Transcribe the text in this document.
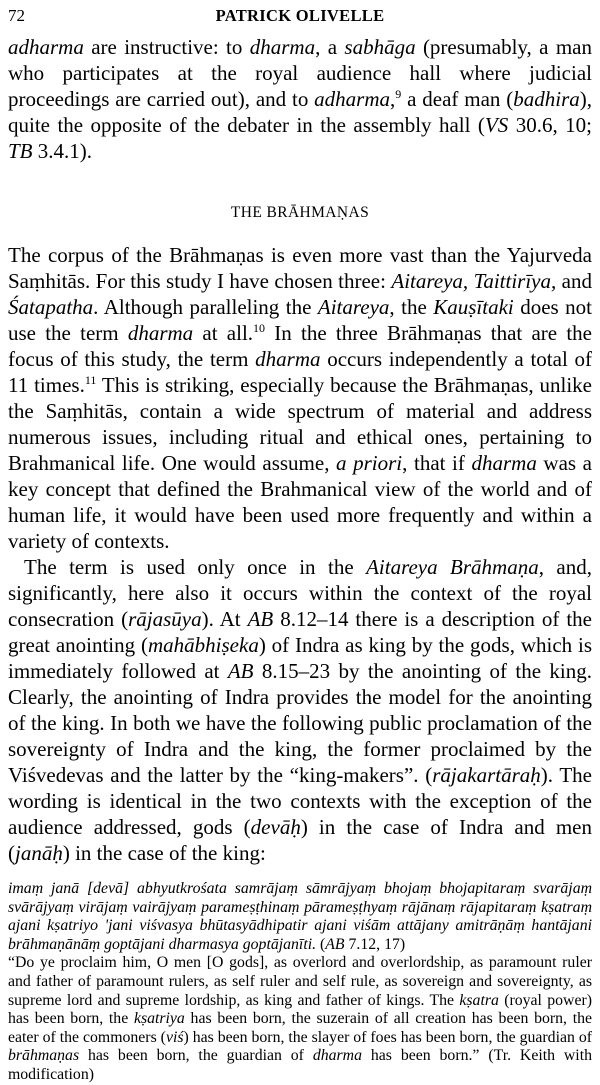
72	PATRICK OLIVELLE

adharma are instructive: to dharma, a sabhāga (presumably, a man who participates at the royal audience hall where judicial proceedings are carried out), and to adharma,$^9$ a deaf man (badhira), quite the opposite of the debater in the assembly hall (VS 30.6, 10; TB 3.4.1).

THE BRĀHMAṆAS

The corpus of the Brāhmaṇas is even more vast than the Yajurveda Saṃhitās. For this study I have chosen three: Aitareya, Taittirīya, and Śatapatha. Although paralleling the Aitareya, the Kauṣītaki does not use the term dharma at all.$^{10}$ In the three Brāhmaṇas that are the focus of this study, the term dharma occurs independently a total of 11 times.$^{11}$ This is striking, especially because the Brāhmaṇas, unlike the Saṃhitās, contain a wide spectrum of material and address numerous issues, including ritual and ethical ones, pertaining to Brahmanical life. One would assume, a priori, that if dharma was a key concept that defined the Brahmanical view of the world and of human life, it would have been used more frequently and within a variety of contexts.

The term is used only once in the Aitareya Brāhmaṇa, and, significantly, here also it occurs within the context of the royal consecration (rājasūya). At AB 8.12–14 there is a description of the great anointing (mahābhiṣeka) of Indra as king by the gods, which is immediately followed at AB 8.15–23 by the anointing of the king. Clearly, the anointing of Indra provides the model for the anointing of the king. In both we have the following public proclamation of the sovereignty of Indra and the king, the former proclaimed by the Viśvedevas and the latter by the “king-makers”. (rājakartāraḥ). The wording is identical in the two contexts with the exception of the audience addressed, gods (devāḥ) in the case of Indra and men (janāḥ) in the case of the king:

imaṃ janā [devā] abhyutkrośata samrājaṃ sāmrājyaṃ bhojaṃ bhojapitaraṃ svarājaṃ svārājyaṃ virājaṃ vairājyaṃ parameṣṭhinaṃ pārameṣṭhyaṃ rājānaṃ rājapitaraṃ kṣatraṃ ajani kṣatriyo 'jani viśvasya bhūtasyādhipatir ajani viśām attājany amitrāṇāṃ hantājani brāhmaṇānāṃ goptājani dharmasya goptājanīti. (AB 7.12, 17)

“Do ye proclaim him, O men [O gods], as overlord and overlordship, as paramount ruler and father of paramount rulers, as self ruler and self rule, as sovereign and sovereignty, as supreme lord and supreme lordship, as king and father of kings. The kṣatra (royal power) has been born, the kṣatriya has been born, the suzerain of all creation has been born, the eater of the commoners (viś) has been born, the slayer of foes has been born, the guardian of brāhmaṇas has been born, the guardian of dharma has been born.” (Tr. Keith with modification)
